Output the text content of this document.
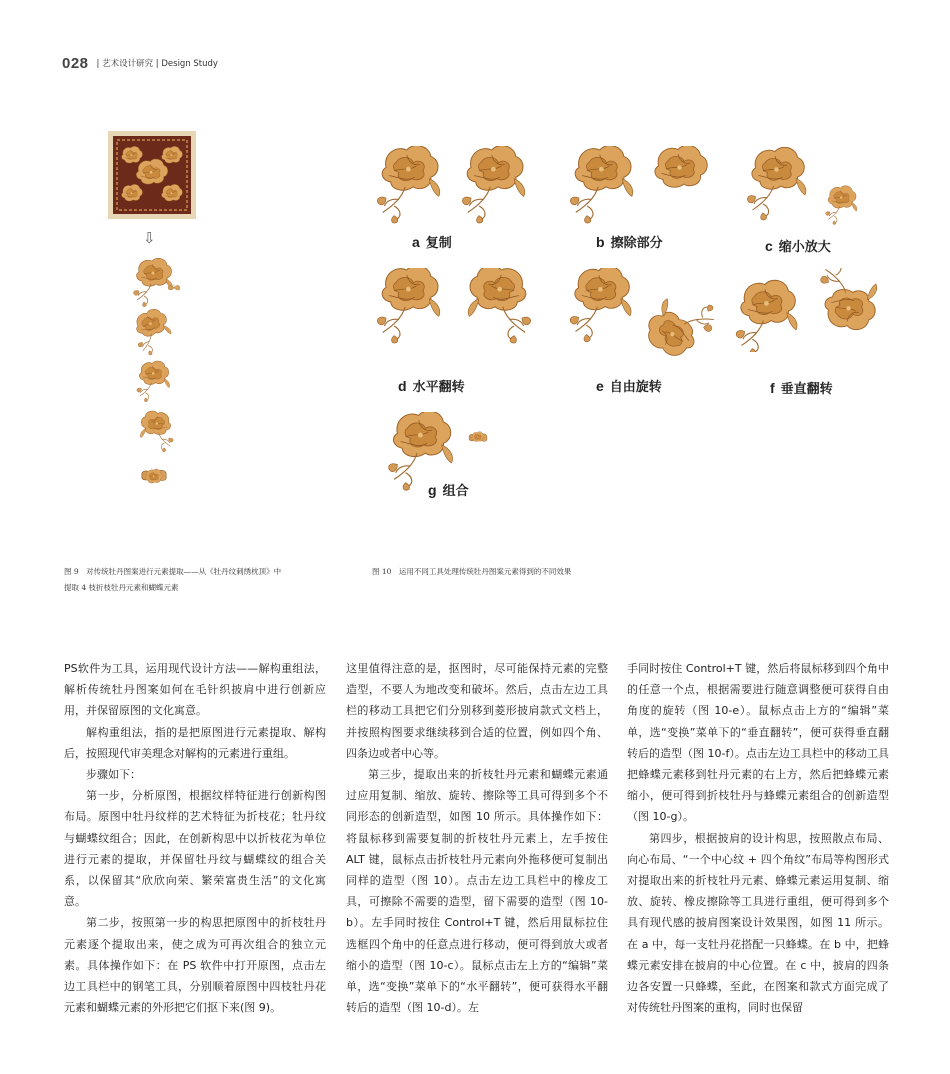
028 | 艺术设计研究 | Design Study
⇩	a 复制	b 擦除部分	c 缩小放大
d 水平翻转	e 自由旋转	f 垂直翻转
g 组合
图 9　对传统牡丹图案进行元素提取——从《牡丹纹刺绣枕顶》中
提取 4 枝折枝牡丹元素和蝴蝶元素
图 10　运用不同工具处理传统牡丹图案元素得到的不同效果

PS软件为工具，运用现代设计方法——解构重组法，解析传统牡丹图案如何在毛针织披肩中进行创新应用，并保留原图的文化寓意。

解构重组法，指的是把原图进行元素提取、解构后，按照现代审美理念对解构的元素进行重组。

步骤如下：

第一步，分析原图，根据纹样特征进行创新构图布局。原图中牡丹纹样的艺术特征为折枝花；牡丹纹与蝴蝶纹组合；因此，在创新构思中以折枝花为单位进行元素的提取，并保留牡丹纹与蝴蝶纹的组合关系，以保留其“欣欣向荣、繁荣富贵生活”的文化寓意。

第二步，按照第一步的构思把原图中的折枝牡丹元素逐个提取出来，使之成为可再次组合的独立元素。具体操作如下：在 PS 软件中打开原图，点击左边工具栏中的钢笔工具，分别顺着原图中四枝牡丹花元素和蝴蝶元素的外形把它们抠下来(图 9)。

这里值得注意的是，抠图时，尽可能保持元素的完整造型，不要人为地改变和破坏。然后，点击左边工具栏的移动工具把它们分别移到菱形披肩款式文档上，并按照构图要求继续移到合适的位置，例如四个角、四条边或者中心等。

第三步，提取出来的折枝牡丹元素和蝴蝶元素通过应用复制、缩放、旋转、擦除等工具可得到多个不同形态的创新造型，如图 10 所示。具体操作如下：将鼠标移到需要复制的折枝牡丹元素上，左手按住 ALT 键，鼠标点击折枝牡丹元素向外拖移便可复制出同样的造型（图 10）。点击左边工具栏中的橡皮工具，可擦除不需要的造型，留下需要的造型（图 10-b）。左手同时按住 Control+T 键，然后用鼠标拉住选框四个角中的任意点进行移动，便可得到放大或者缩小的造型（图 10-c）。鼠标点击左上方的“编辑”菜单，选“变换”菜单下的“水平翻转”，便可获得水平翻转后的造型（图 10-d）。左

手同时按住 Control+T 键，然后将鼠标移到四个角中的任意一个点，根据需要进行随意调整便可获得自由角度的旋转（图 10-e）。鼠标点击上方的“编辑”菜单，选“变换”菜单下的“垂直翻转”，便可获得垂直翻转后的造型（图 10-f）。点击左边工具栏中的移动工具把蜂蝶元素移到牡丹元素的右上方，然后把蜂蝶元素缩小，便可得到折枝牡丹与蜂蝶元素组合的创新造型（图 10-g）。

第四步，根据披肩的设计构思，按照散点布局、向心布局、“一个中心纹 + 四个角纹”布局等构图形式对提取出来的折枝牡丹元素、蜂蝶元素运用复制、缩放、旋转、橡皮擦除等工具进行重组，便可得到多个具有现代感的披肩图案设计效果图，如图 11 所示。在 a 中，每一支牡丹花搭配一只蜂蝶。在 b 中，把蜂蝶元素安排在披肩的中心位置。在 c 中，披肩的四条边各安置一只蜂蝶，至此，在图案和款式方面完成了对传统牡丹图案的重构，同时也保留
